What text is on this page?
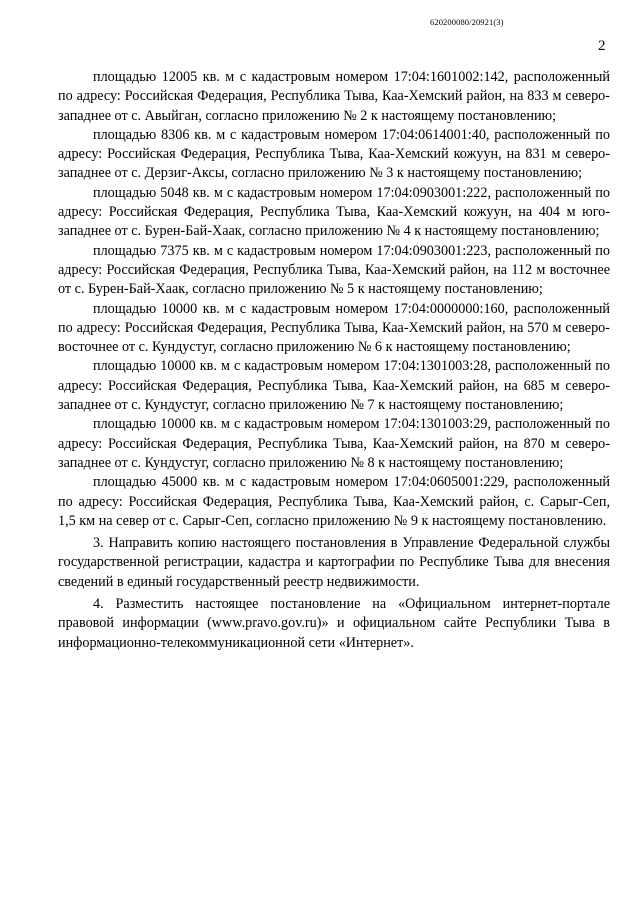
620200080/20921(3)
2

площадью 12005 кв. м с кадастровым номером 17:04:1601002:142, расположенный по адресу: Российская Федерация, Республика Тыва, Каа-Хемский район, на 833 м северо-западнее от с. Авыйган, согласно приложению № 2 к настоящему постановлению;

площадью 8306 кв. м с кадастровым номером 17:04:0614001:40, расположенный по адресу: Российская Федерация, Республика Тыва, Каа-Хемский кожуун, на 831 м северо-западнее от с. Дерзиг-Аксы, согласно приложению № 3 к настоящему постановлению;

площадью 5048 кв. м с кадастровым номером 17:04:0903001:222, расположенный по адресу: Российская Федерация, Республика Тыва, Каа-Хемский кожуун, на 404 м юго-западнее от с. Бурен-Бай-Хаак, согласно приложению № 4 к настоящему постановлению;

площадью 7375 кв. м с кадастровым номером 17:04:0903001:223, расположенный по адресу: Российская Федерация, Республика Тыва, Каа-Хемский район, на 112 м восточнее от с. Бурен-Бай-Хаак, согласно приложению № 5 к настоящему постановлению;

площадью 10000 кв. м с кадастровым номером 17:04:0000000:160, расположенный по адресу: Российская Федерация, Республика Тыва, Каа-Хемский район, на 570 м северо-восточнее от с. Кундустуг, согласно приложению № 6 к настоящему постановлению;

площадью 10000 кв. м с кадастровым номером 17:04:1301003:28, расположенный по адресу: Российская Федерация, Республика Тыва, Каа-Хемский район, на 685 м северо-западнее от с. Кундустуг, согласно приложению № 7 к настоящему постановлению;

площадью 10000 кв. м с кадастровым номером 17:04:1301003:29, расположенный по адресу: Российская Федерация, Республика Тыва, Каа-Хемский район, на 870 м северо-западнее от с. Кундустуг, согласно приложению № 8 к настоящему постановлению;

площадью 45000 кв. м с кадастровым номером 17:04:0605001:229, расположенный по адресу: Российская Федерация, Республика Тыва, Каа-Хемский район, с. Сарыг-Сеп, 1,5 км на север от с. Сарыг-Сеп, согласно приложению № 9 к настоящему постановлению.

3. Направить копию настоящего постановления в Управление Федеральной службы государственной регистрации, кадастра и картографии по Республике Тыва для внесения сведений в единый государственный реестр недвижимости.

4. Разместить настоящее постановление на «Официальном интернет-портале правовой информации (www.pravo.gov.ru)» и официальном сайте Республики Тыва в информационно-телекоммуникационной сети «Интернет».
